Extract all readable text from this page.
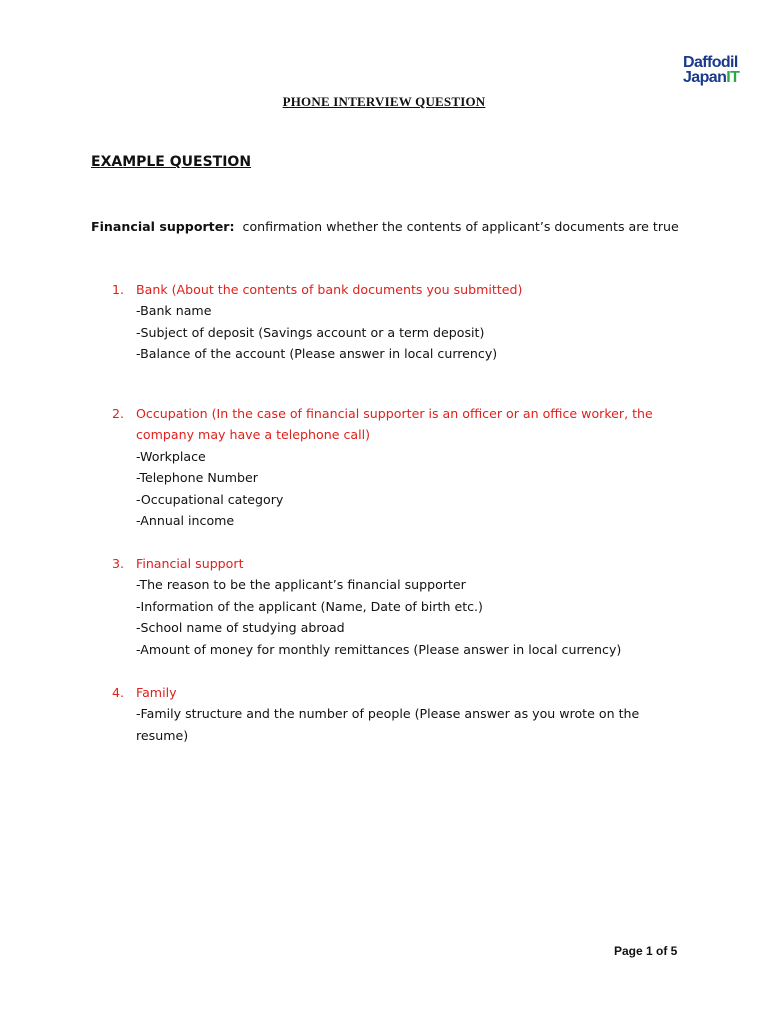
Daffodil
JapanIT
PHONE INTERVIEW QUESTION
EXAMPLE QUESTION
Financial supporter: confirmation whether the contents of applicant’s documents are true
1. Bank (About the contents of bank documents you submitted)
-Bank name
-Subject of deposit (Savings account or a term deposit)
-Balance of the account (Please answer in local currency)
2. Occupation (In the case of financial supporter is an officer or an office worker, the company may have a telephone call)
-Workplace
-Telephone Number
-Occupational category
-Annual income
3. Financial support
-The reason to be the applicant’s financial supporter
-Information of the applicant (Name, Date of birth etc.)
-School name of studying abroad
-Amount of money for monthly remittances (Please answer in local currency)
4. Family
-Family structure and the number of people (Please answer as you wrote on the resume)
Page 1 of 5
